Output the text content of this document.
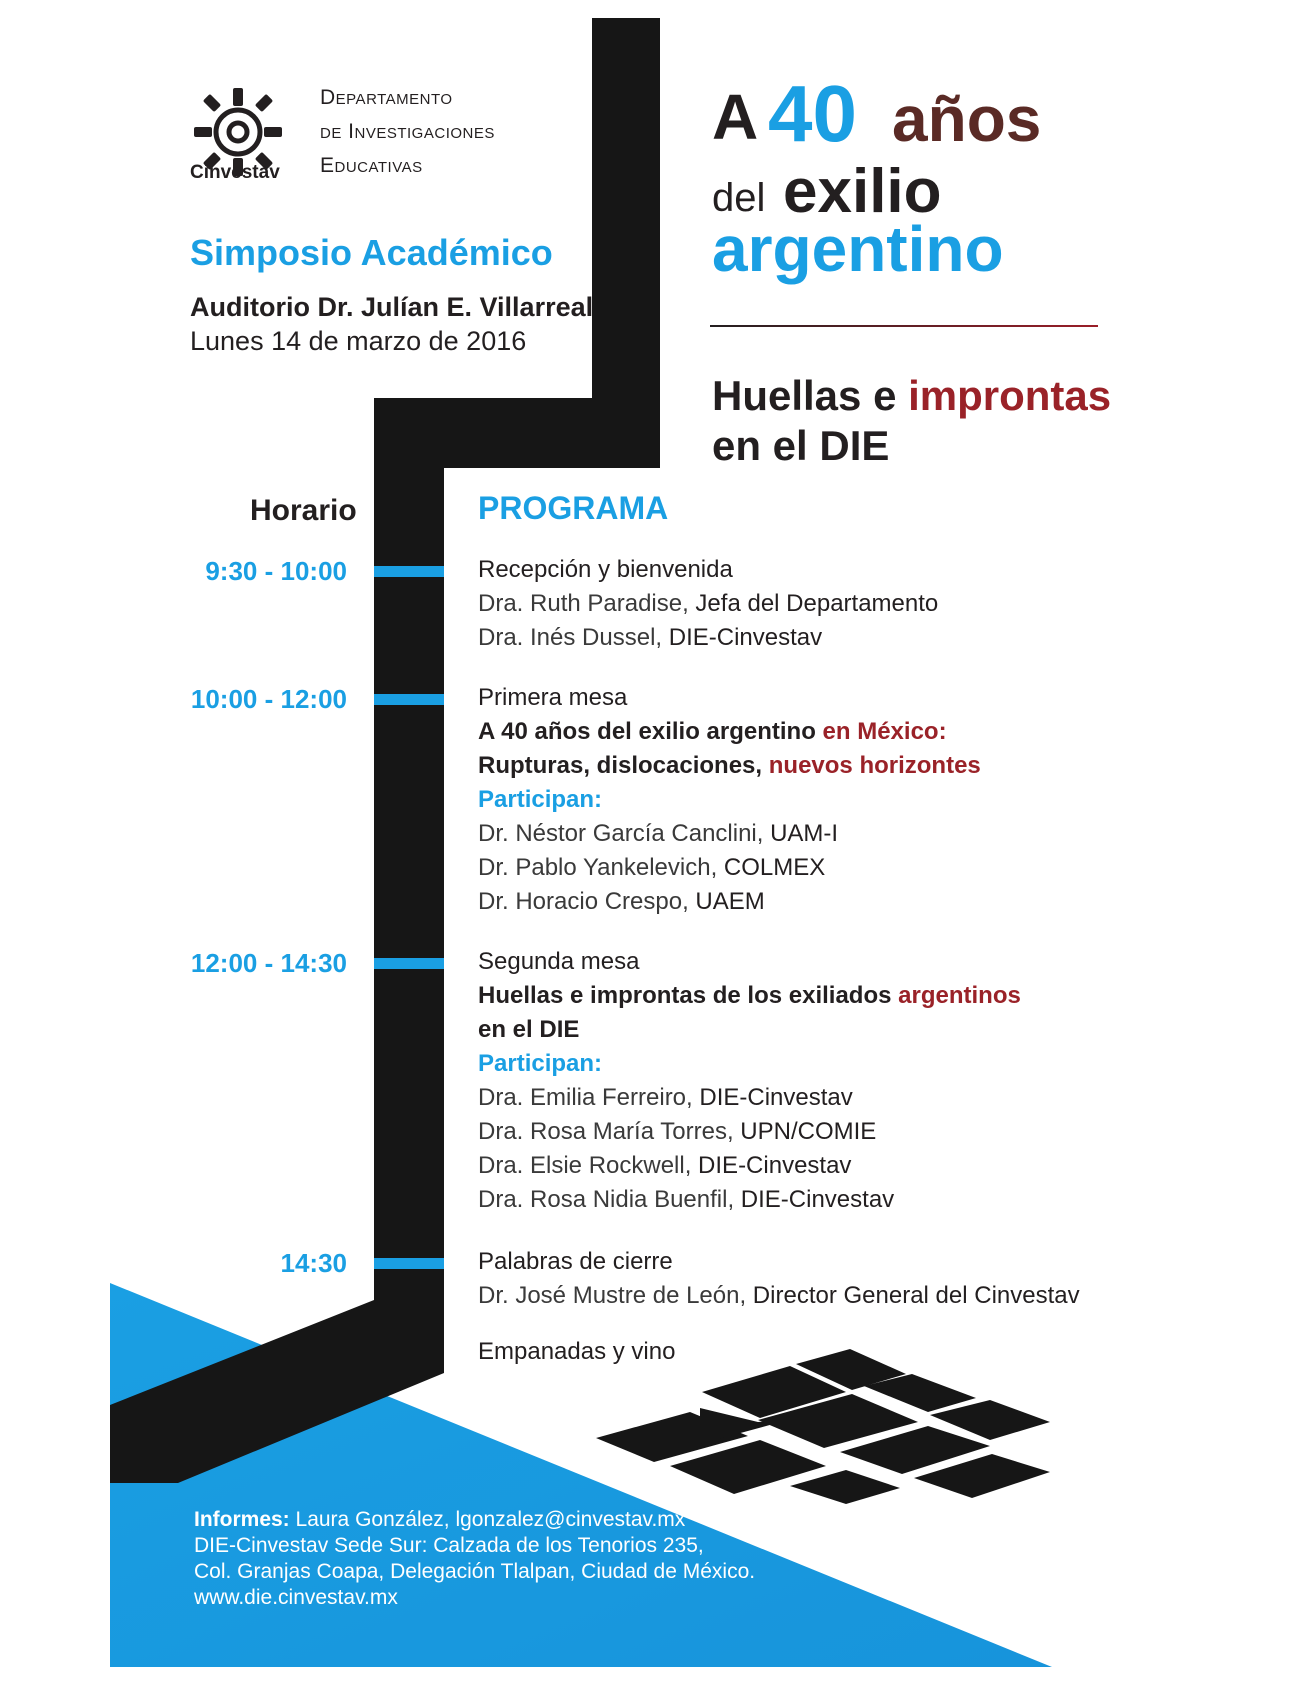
Cinvestav
Departamento
de Investigaciones
Educativas
Simposio Académico
Auditorio Dr. Julían E. Villarreal
Lunes 14 de marzo de 2016
A 40 años
del exilio
argentino
Huellas e improntas
en el DIE
Horario	PROGRAMA
9:30 - 10:00	Recepción y bienvenida
Dra. Ruth Paradise, Jefa del Departamento
Dra. Inés Dussel, DIE-Cinvestav
10:00 - 12:00	Primera mesa
A 40 años del exilio argentino en México:
Rupturas, dislocaciones, nuevos horizontes
Participan:
Dr. Néstor García Canclini, UAM-I
Dr. Pablo Yankelevich, COLMEX
Dr. Horacio Crespo, UAEM
12:00 - 14:30	Segunda mesa
Huellas e improntas de los exiliados argentinos
en el DIE
Participan:
Dra. Emilia Ferreiro, DIE-Cinvestav
Dra. Rosa María Torres, UPN/COMIE
Dra. Elsie Rockwell, DIE-Cinvestav
Dra. Rosa Nidia Buenfil, DIE-Cinvestav
14:30	Palabras de cierre
Dr. José Mustre de León, Director General del Cinvestav
Empanadas y vino
Informes: Laura González, lgonzalez@cinvestav.mx
DIE-Cinvestav Sede Sur: Calzada de los Tenorios 235,
Col. Granjas Coapa, Delegación Tlalpan, Ciudad de México.
www.die.cinvestav.mx
